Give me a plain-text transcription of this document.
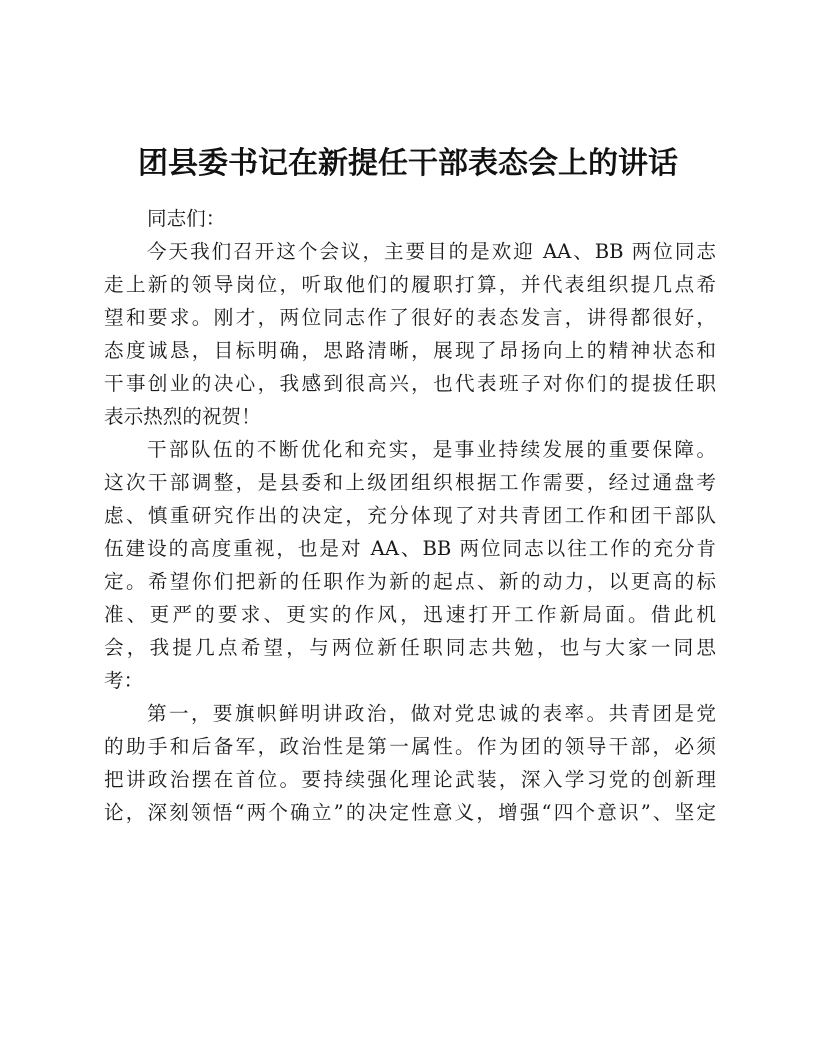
团县委书记在新提任干部表态会上的讲话
同志们：
今天我们召开这个会议，主要目的是欢迎 AA、BB 两位同志
走上新的领导岗位，听取他们的履职打算，并代表组织提几点希
望和要求。刚才，两位同志作了很好的表态发言，讲得都很好，
态度诚恳，目标明确，思路清晰，展现了昂扬向上的精神状态和
干事创业的决心，我感到很高兴，也代表班子对你们的提拔任职
表示热烈的祝贺！
干部队伍的不断优化和充实，是事业持续发展的重要保障。
这次干部调整，是县委和上级团组织根据工作需要，经过通盘考
虑、慎重研究作出的决定，充分体现了对共青团工作和团干部队
伍建设的高度重视，也是对 AA、BB 两位同志以往工作的充分肯
定。希望你们把新的任职作为新的起点、新的动力，以更高的标
准、更严的要求、更实的作风，迅速打开工作新局面。借此机
会，我提几点希望，与两位新任职同志共勉，也与大家一同思
考：
第一，要旗帜鲜明讲政治，做对党忠诚的表率。共青团是党
的助手和后备军，政治性是第一属性。作为团的领导干部，必须
把讲政治摆在首位。要持续强化理论武装，深入学习党的创新理
论，深刻领悟“两个确立”的决定性意义，增强“四个意识”、坚定
